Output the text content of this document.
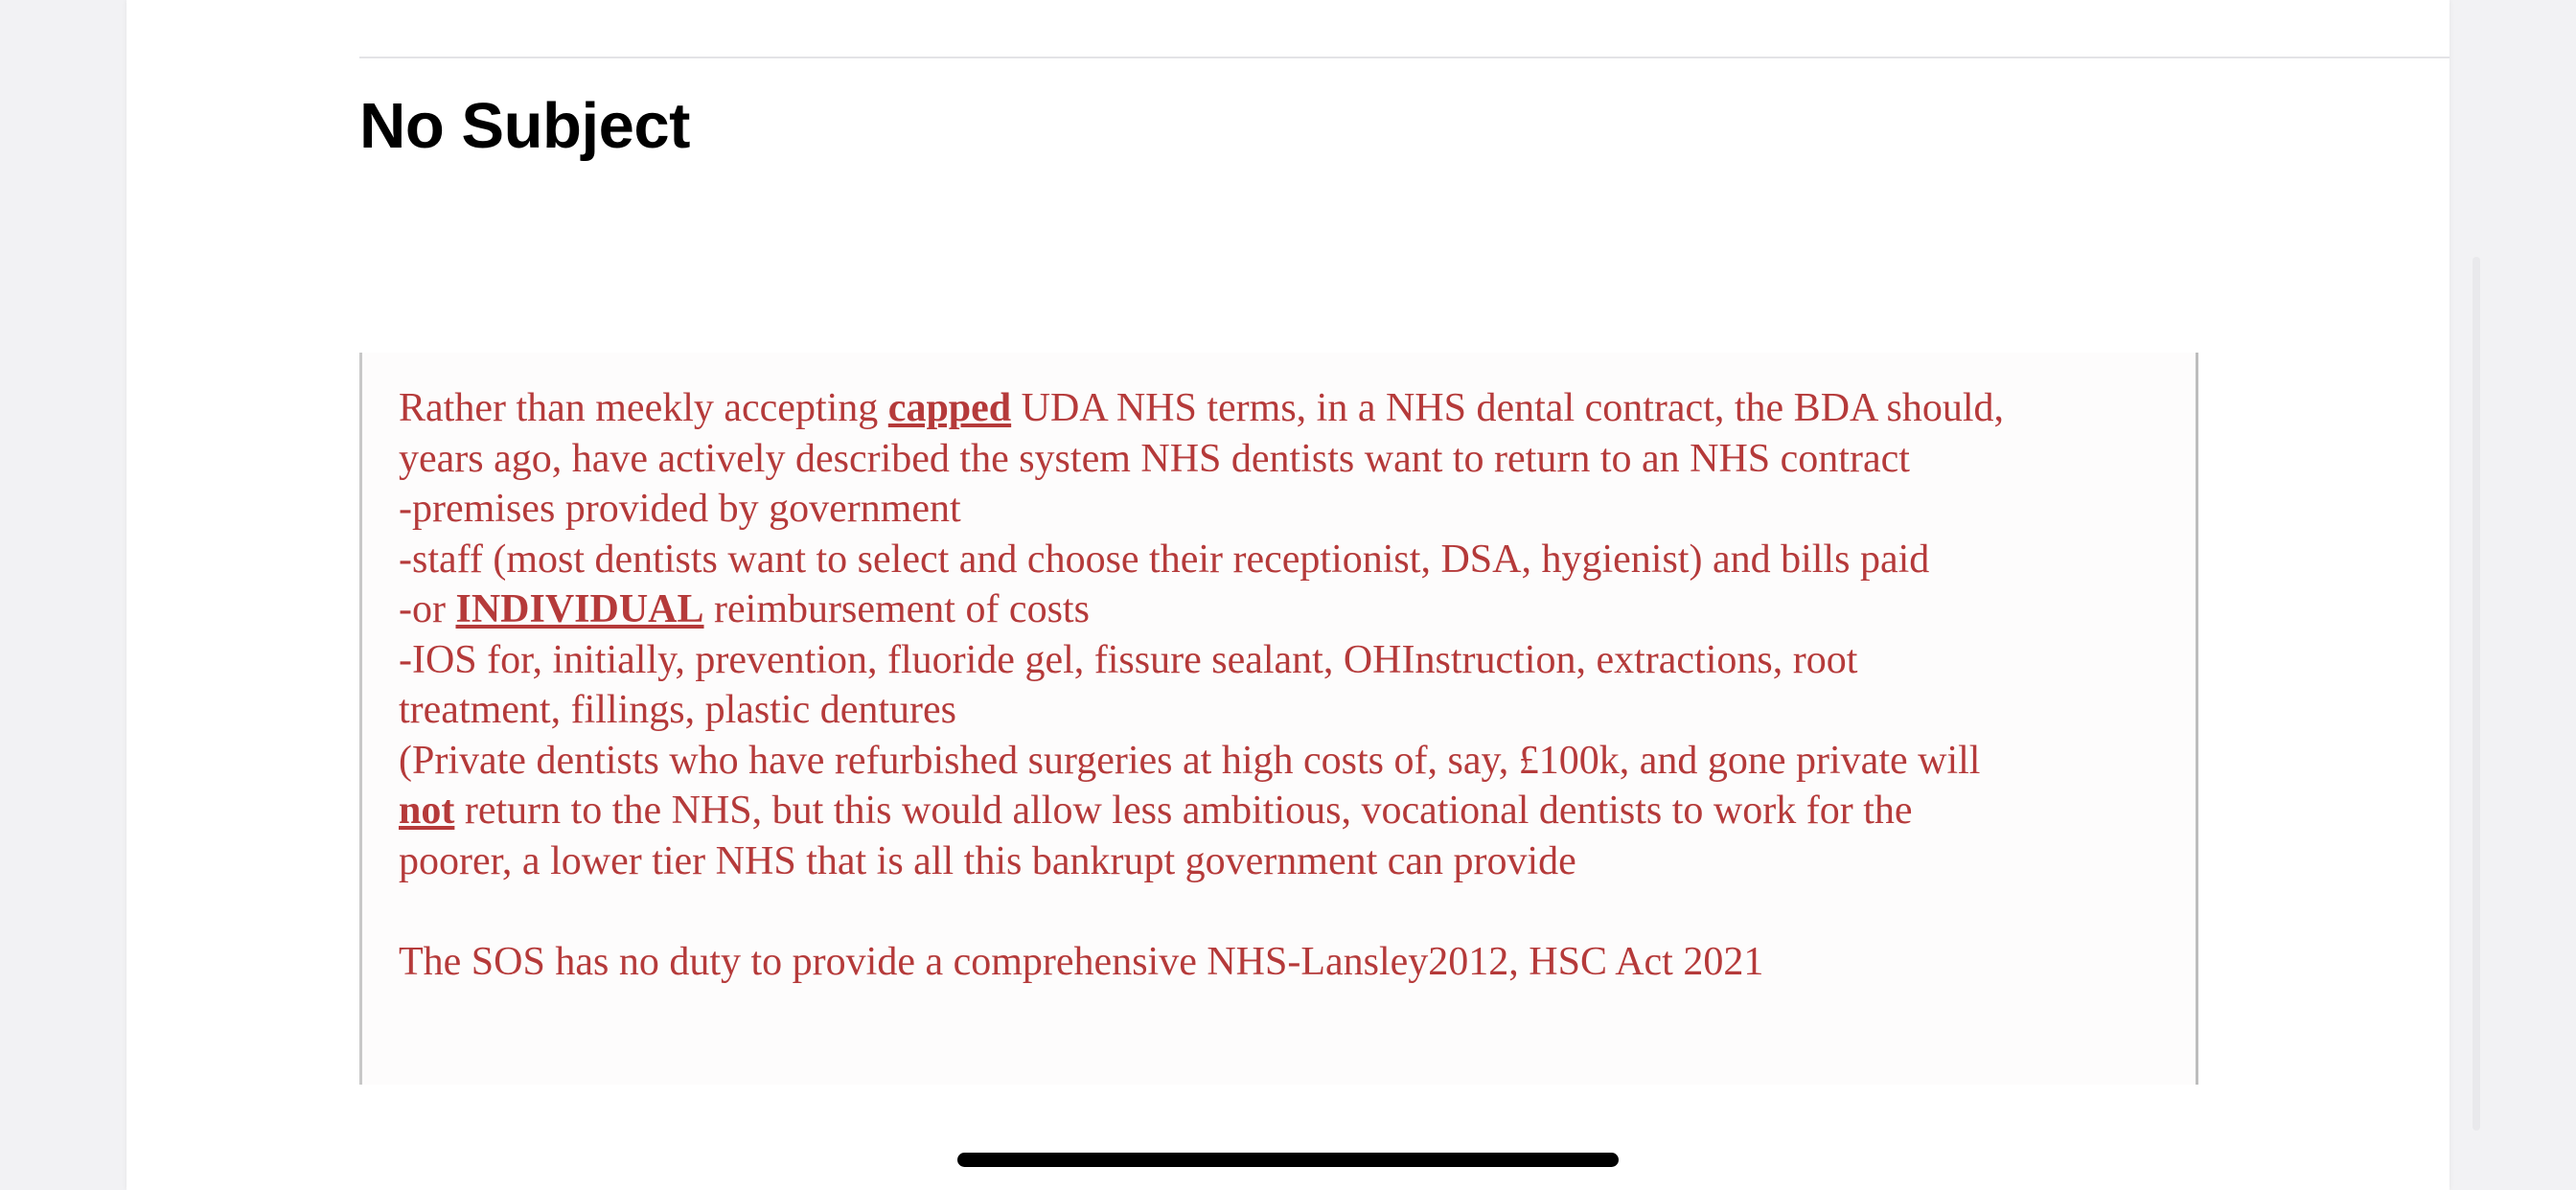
No Subject
Rather than meekly accepting capped UDA NHS terms, in a NHS dental contract, the BDA should,
years ago, have actively described the system NHS dentists want to return to an NHS contract
-premises provided by government
-staff (most dentists want to select and choose their receptionist, DSA, hygienist) and bills paid
-or INDIVIDUAL reimbursement of costs
-IOS for, initially, prevention, fluoride gel, fissure sealant, OHInstruction, extractions, root
treatment, fillings, plastic dentures
(Private dentists who have refurbished surgeries at high costs of, say, £100k, and gone private will
not return to the NHS, but this would allow less ambitious, vocational dentists to work for the
poorer, a lower tier NHS that is all this bankrupt government can provide
The SOS has no duty to provide a comprehensive NHS-Lansley2012, HSC Act 2021
